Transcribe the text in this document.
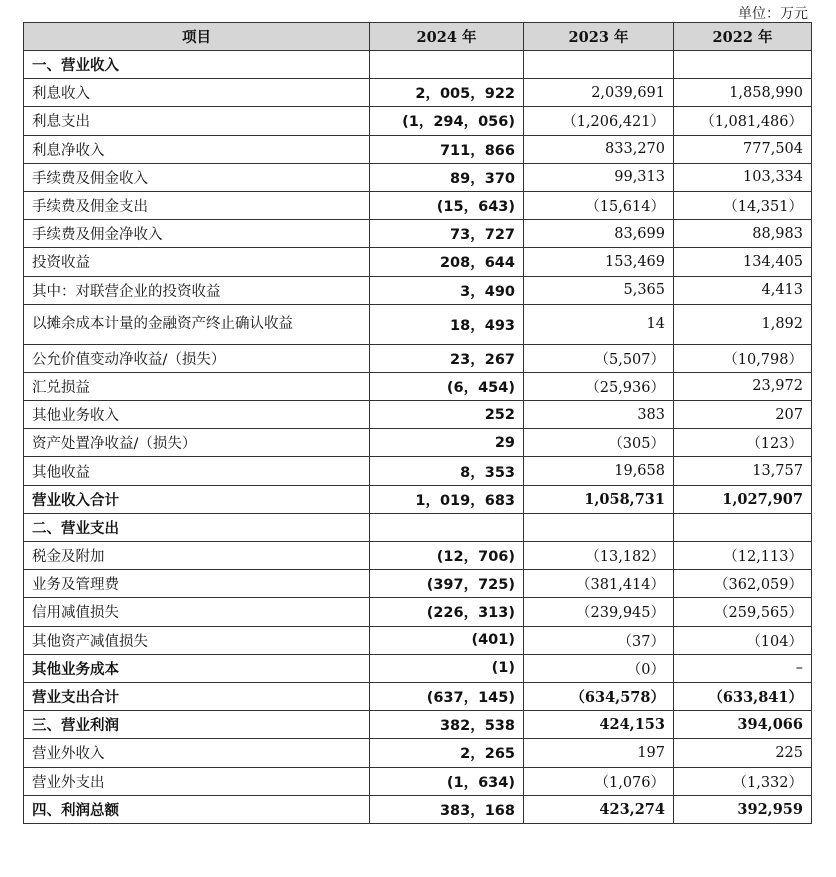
单位：万元
项目	2024 年	2023 年	2022 年
一、营业收入			
利息收入	2，005，922	2,039,691	1,858,990
利息支出	(1，294，056)	（1,206,421）	（1,081,486）
利息净收入	711，866	833,270	777,504
手续费及佣金收入	89，370	99,313	103,334
手续费及佣金支出	(15，643)	（15,614）	（14,351）
手续费及佣金净收入	73，727	83,699	88,983
投资收益	208，644	153,469	134,405
其中：对联营企业的投资收益	3，490	5,365	4,413
以摊余成本计量的金融资产终止确认收益	18，493	14	1,892
公允价值变动净收益/（损失）	23，267	（5,507）	（10,798）
汇兑损益	(6，454)	（25,936）	23,972
其他业务收入	252	383	207
资产处置净收益/（损失）	29	（305）	（123）
其他收益	8，353	19,658	13,757
营业收入合计	1，019，683	1,058,731	1,027,907
二、营业支出			
税金及附加	(12，706)	（13,182）	（12,113）
业务及管理费	(397，725)	（381,414）	（362,059）
信用减值损失	(226，313)	（239,945）	（259,565）
其他资产减值损失	(401)	（37）	（104）
其他业务成本	(1)	（0）	–
营业支出合计	(637，145)	（634,578）	（633,841）
三、营业利润	382，538	424,153	394,066
营业外收入	2，265	197	225
营业外支出	(1，634)	（1,076）	（1,332）
四、利润总额	383，168	423,274	392,959
